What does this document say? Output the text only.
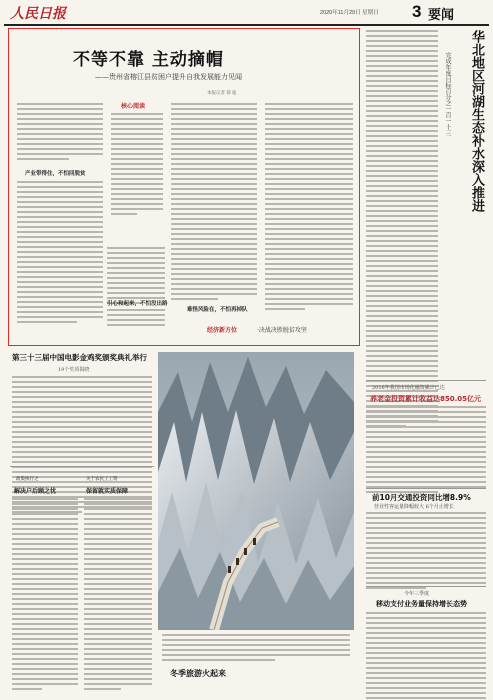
人民日报	2020年11月29日 星期日 3 要闻
不等不靠 主动摘帽
——贵州省榕江县贫困户提升自我发展能力见闻
本报记者 郝 迪
产业带得住，不怕回脱贫
核心阅读
引心和起来，不怕没出路
难怪风险在，不怕再掉队
经济新方位	·决战决胜脱贫攻坚
华北地区河湖生态补水深入推进
完成年度目标百分之一百一十三
2016年我国市场化融资累计已达
养老金投资累计收益达850.05亿元
前10月交通投资同比增8.9%
营业性客运量降幅较大 6个月止增长
今年三季度
移动支付业务量保持增长态势
第三十三届中国电影金鸡奖颁奖典礼举行
19个奖项揭晓
政策执行之
解决户后顾之忧
关于农民工工资
保留就实质保障
冬季旅游火起来
